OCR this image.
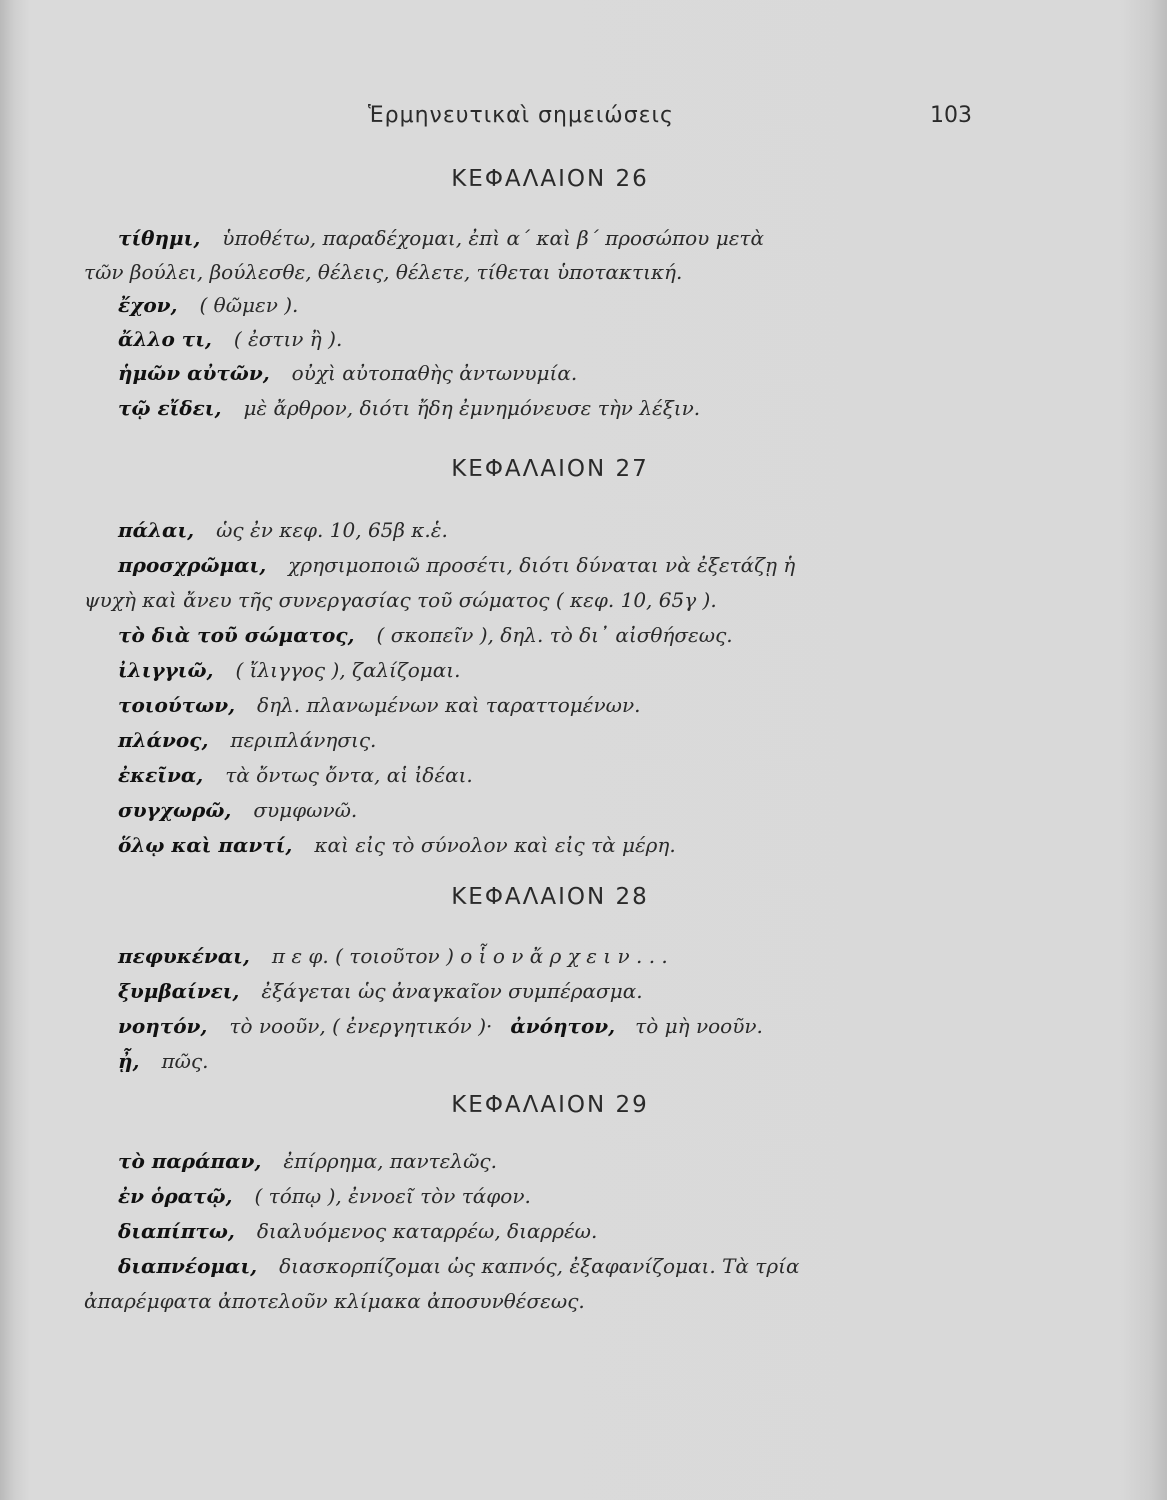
Ἑρμηνευτικαὶ σημειώσεις	103
ΚΕΦΑΛΑΙΟΝ 26
τίθημι, ὑποθέτω, παραδέχομαι, ἐπὶ α΄ καὶ β΄ προσώπου μετὰ
τῶν βούλει, βούλεσθε, θέλεις, θέλετε, τίθεται ὑποτακτική.
ἔχον, ( θῶμεν ).
ἄλλο τι, ( ἐστιν ἢ ).
ἡμῶν αὐτῶν, οὐχὶ αὐτοπαθὴς ἀντωνυμία.
τῷ εἴδει, μὲ ἄρθρον, διότι ἤδη ἐμνημόνευσε τὴν λέξιν.
ΚΕΦΑΛΑΙΟΝ 27
πάλαι, ὡς ἐν κεφ. 10, 65β κ.ἑ.
προσχρῶμαι, χρησιμοποιῶ προσέτι, διότι δύναται νὰ ἐξετάζῃ ἡ
ψυχὴ καὶ ἄνευ τῆς συνεργασίας τοῦ σώματος ( κεφ. 10, 65γ ).
τὸ διὰ τοῦ σώματος, ( σκοπεῖν ), δηλ. τὸ δι᾽ αἰσθήσεως.
ἰλιγγιῶ, ( ἴλιγγος ), ζαλίζομαι.
τοιούτων, δηλ. πλανωμένων καὶ ταραττομένων.
πλάνος, περιπλάνησις.
ἐκεῖνα, τὰ ὄντως ὄντα, αἱ ἰδέαι.
συγχωρῶ, συμφωνῶ.
ὅλῳ καὶ παντί, καὶ εἰς τὸ σύνολον καὶ εἰς τὰ μέρη.
ΚΕΦΑΛΑΙΟΝ 28
πεφυκέναι, π ε φ. ( τοιοῦτον ) ο ἷ ο ν ἄ ρ χ ε ι ν . . .
ξυμβαίνει, ἐξάγεται ὡς ἀναγκαῖον συμπέρασμα.
νοητόν, τὸ νοοῦν, ( ἐνεργητικόν )· ἀνόητον, τὸ μὴ νοοῦν.
ᾖ, πῶς.
ΚΕΦΑΛΑΙΟΝ 29
τὸ παράπαν, ἐπίρρημα, παντελῶς.
ἐν ὁρατῷ, ( τόπῳ ), ἐννοεῖ τὸν τάφον.
διαπίπτω, διαλυόμενος καταρρέω, διαρρέω.
διαπνέομαι, διασκορπίζομαι ὡς καπνός, ἐξαφανίζομαι. Τὰ τρία
ἀπαρέμφατα ἀποτελοῦν κλίμακα ἀποσυνθέσεως.
